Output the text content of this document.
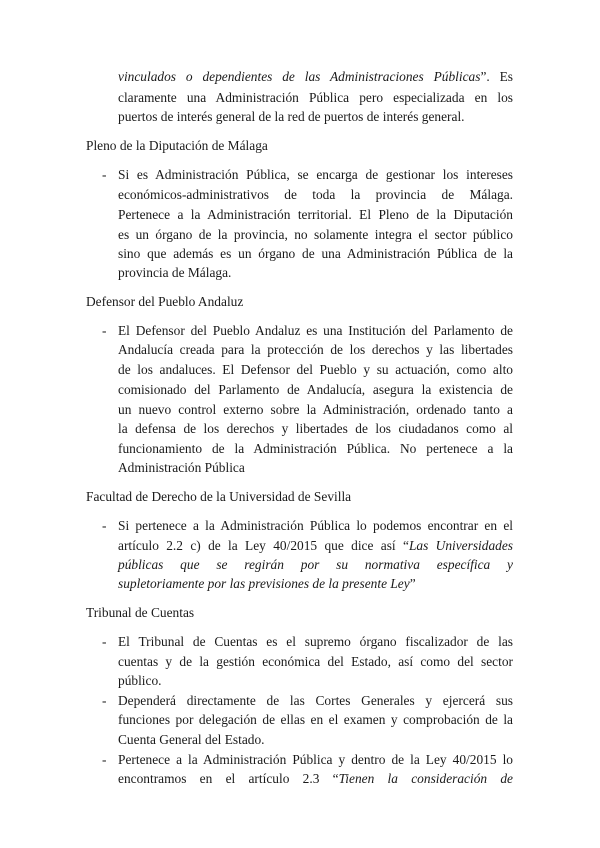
vinculados o dependientes de las Administraciones Públicas”. Es
claramente una Administración Pública pero especializada en los
puertos de interés general de la red de puertos de interés general.
Pleno de la Diputación de Málaga
- Si es Administración Pública, se encarga de gestionar los intereses
económicos-administrativos de toda la provincia de Málaga.
Pertenece a la Administración territorial. El Pleno de la Diputación
es un órgano de la provincia, no solamente integra el sector público
sino que además es un órgano de una Administración Pública de la
provincia de Málaga.
Defensor del Pueblo Andaluz
- El Defensor del Pueblo Andaluz es una Institución del Parlamento de
Andalucía creada para la protección de los derechos y las libertades
de los andaluces. El Defensor del Pueblo y su actuación, como alto
comisionado del Parlamento de Andalucía, asegura la existencia de
un nuevo control externo sobre la Administración, ordenado tanto a
la defensa de los derechos y libertades de los ciudadanos como al
funcionamiento de la Administración Pública. No pertenece a la
Administración Pública
Facultad de Derecho de la Universidad de Sevilla
- Si pertenece a la Administración Pública lo podemos encontrar en el
artículo 2.2 c) de la Ley 40/2015 que dice así “Las Universidades
públicas que se regirán por su normativa específica y
supletoriamente por las previsiones de la presente Ley”
Tribunal de Cuentas
- El Tribunal de Cuentas es el supremo órgano fiscalizador de las
cuentas y de la gestión económica del Estado, así como del sector
público.
- Dependerá directamente de las Cortes Generales y ejercerá sus
funciones por delegación de ellas en el examen y comprobación de la
Cuenta General del Estado.
- Pertenece a la Administración Pública y dentro de la Ley 40/2015 lo
encontramos en el artículo 2.3 “Tienen la consideración de
